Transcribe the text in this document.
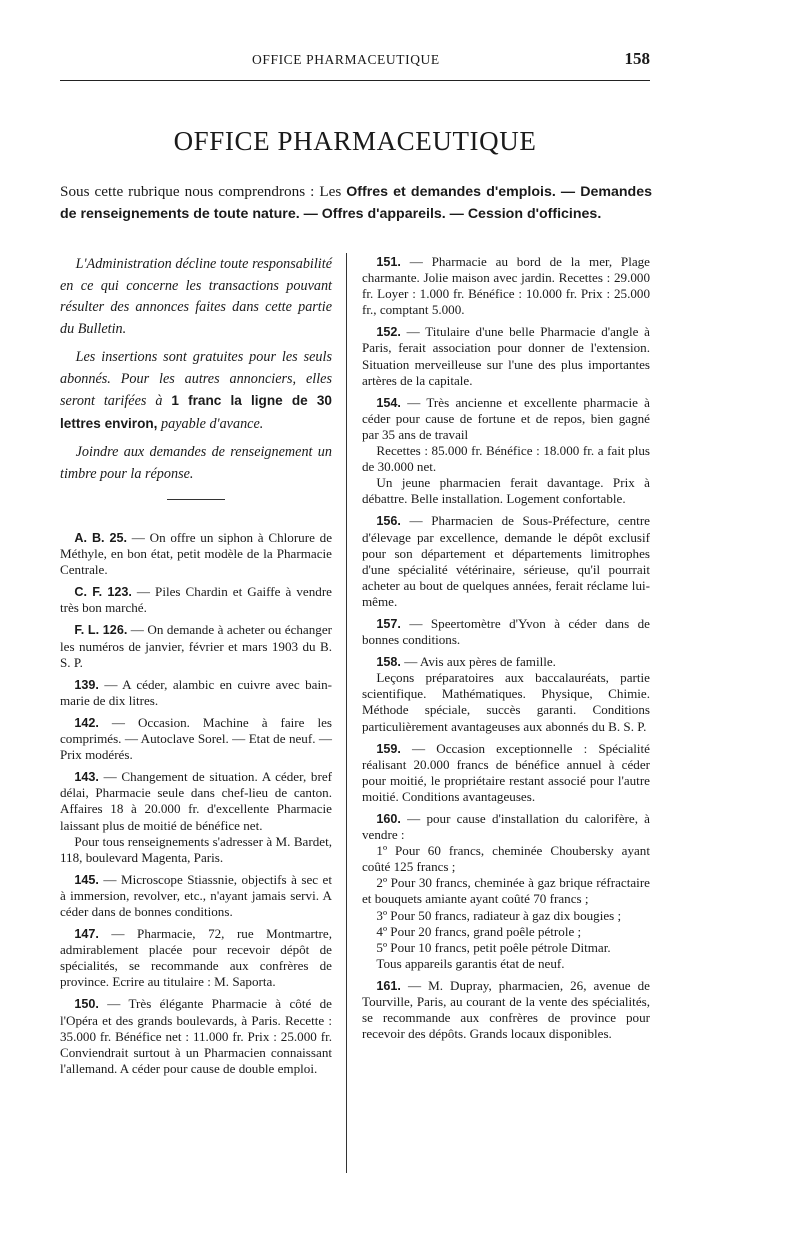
OFFICE PHARMACEUTIQUE	158
OFFICE PHARMACEUTIQUE
Sous cette rubrique nous comprendrons : Les Offres et demandes d'emplois. — Demandes de renseignements de toute nature. — Offres d'appareils. — Cession d'officines.

L'Administration décline toute responsabilité en ce qui concerne les transactions pouvant résulter des annonces faites dans cette partie du Bulletin.

Les insertions sont gratuites pour les seuls abonnés. Pour les autres annonciers, elles seront tarifées à 1 franc la ligne de 30 lettres environ, payable d'avance.

Joindre aux demandes de renseignement un timbre pour la réponse.

A. B. 25. — On offre un siphon à Chlorure de Méthyle, en bon état, petit modèle de la Pharmacie Centrale.

C. F. 123. — Piles Chardin et Gaiffe à vendre très bon marché.

F. L. 126. — On demande à acheter ou échanger les numéros de janvier, février et mars 1903 du B. S. P.

139. — A céder, alambic en cuivre avec bain-marie de dix litres.

142. — Occasion. Machine à faire les comprimés. — Autoclave Sorel. — Etat de neuf. — Prix modérés.

143. — Changement de situation. A céder, bref délai, Pharmacie seule dans chef-lieu de canton. Affaires 18 à 20.000 fr. d'excellente Pharmacie laissant plus de moitié de bénéfice net.

Pour tous renseignements s'adresser à M. Bardet, 118, boulevard Magenta, Paris.

145. — Microscope Stiassnie, objectifs à sec et à immersion, revolver, etc., n'ayant jamais servi. A céder dans de bonnes conditions.

147. — Pharmacie, 72, rue Montmartre, admirablement placée pour recevoir dépôt de spécialités, se recommande aux confrères de province. Ecrire au titulaire : M. Saporta.

150. — Très élégante Pharmacie à côté de l'Opéra et des grands boulevards, à Paris. Recette : 35.000 fr. Bénéfice net : 11.000 fr. Prix : 25.000 fr. Conviendrait surtout à un Pharmacien connaissant l'allemand. A céder pour cause de double emploi.

151. — Pharmacie au bord de la mer, Plage charmante. Jolie maison avec jardin. Recettes : 29.000 fr. Loyer : 1.000 fr. Bénéfice : 10.000 fr. Prix : 25.000 fr., comptant 5.000.

152. — Titulaire d'une belle Pharmacie d'angle à Paris, ferait association pour donner de l'extension. Situation merveilleuse sur l'une des plus importantes artères de la capitale.

154. — Très ancienne et excellente pharmacie à céder pour cause de fortune et de repos, bien gagné par 35 ans de travail

Recettes : 85.000 fr. Bénéfice : 18.000 fr. a fait plus de 30.000 net.

Un jeune pharmacien ferait davantage. Prix à débattre. Belle installation. Logement confortable.

156. — Pharmacien de Sous-Préfecture, centre d'élevage par excellence, demande le dépôt exclusif pour son département et départements limitrophes d'une spécialité vétérinaire, sérieuse, qu'il pourrait acheter au bout de quelques années, ferait réclame lui-même.

157. — Speertomètre d'Yvon à céder dans de bonnes conditions.

158. — Avis aux pères de famille.

Leçons préparatoires aux baccalauréats, partie scientifique. Mathématiques. Physique, Chimie. Méthode spéciale, succès garanti. Conditions particulièrement avantageuses aux abonnés du B. S. P.

159. — Occasion exceptionnelle : Spécialité réalisant 20.000 francs de bénéfice annuel à céder pour moitié, le propriétaire restant associé pour l'autre moitié. Conditions avantageuses.

160. — pour cause d'installation du calorifère, à vendre :

1º Pour 60 francs, cheminée Choubersky ayant coûté 125 francs ;
2º Pour 30 francs, cheminée à gaz brique réfractaire et bouquets amiante ayant coûté 70 francs ;
3º Pour 50 francs, radiateur à gaz dix bougies ;
4º Pour 20 francs, grand poêle pétrole ;
5º Pour 10 francs, petit poêle pétrole Ditmar.
Tous appareils garantis état de neuf.

161. — M. Dupray, pharmacien, 26, avenue de Tourville, Paris, au courant de la vente des spécialités, se recommande aux confrères de province pour recevoir des dépôts. Grands locaux disponibles.
